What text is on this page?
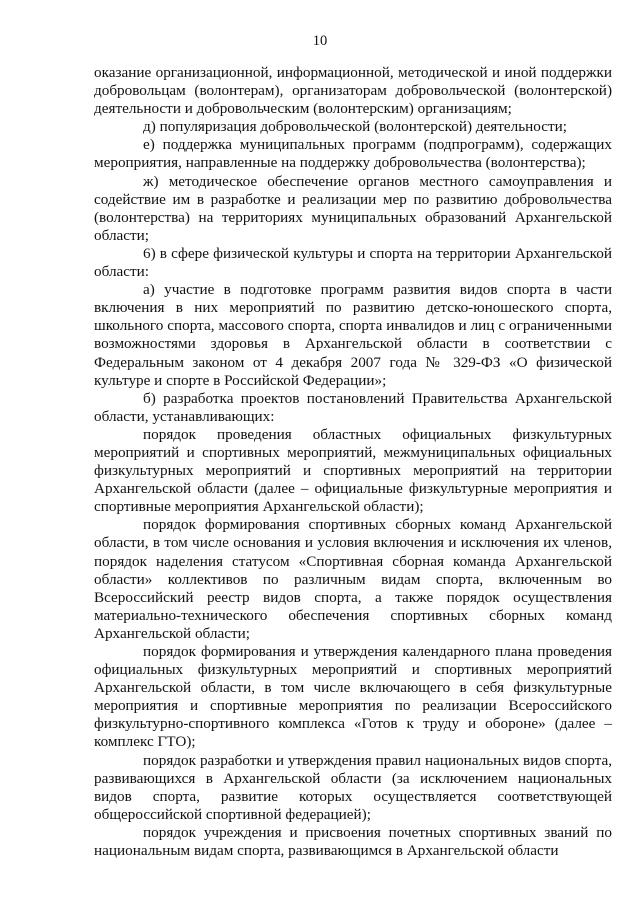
10

оказание организационной, информационной, методической и иной поддержки добровольцам (волонтерам), организаторам добровольческой (волонтерской) деятельности и добровольческим (волонтерским) организациям;

д) популяризация добровольческой (волонтерской) деятельности;

е) поддержка муниципальных программ (подпрограмм), содержащих мероприятия, направленные на поддержку добровольчества (волонтерства);

ж) методическое обеспечение органов местного самоуправления и содействие им в разработке и реализации мер по развитию добровольчества (волонтерства) на территориях муниципальных образований Архангельской области;

6) в сфере физической культуры и спорта на территории Архангельской области:

а) участие в подготовке программ развития видов спорта в части включения в них мероприятий по развитию детско-юношеского спорта, школьного спорта, массового спорта, спорта инвалидов и лиц с ограниченными возможностями здоровья в Архангельской области в соответствии с Федеральным законом от 4 декабря 2007 года № 329-ФЗ «О физической культуре и спорте в Российской Федерации»;

б) разработка проектов постановлений Правительства Архангельской области, устанавливающих:

порядок проведения областных официальных физкультурных мероприятий и спортивных мероприятий, межмуниципальных официальных физкультурных мероприятий и спортивных мероприятий на территории Архангельской области (далее – официальные физкультурные мероприятия и спортивные мероприятия Архангельской области);

порядок формирования спортивных сборных команд Архангельской области, в том числе основания и условия включения и исключения их членов, порядок наделения статусом «Спортивная сборная команда Архангельской области» коллективов по различным видам спорта, включенным во Всероссийский реестр видов спорта, а также порядок осуществления материально-технического обеспечения спортивных сборных команд Архангельской области;

порядок формирования и утверждения календарного плана проведения официальных физкультурных мероприятий и спортивных мероприятий Архангельской области, в том числе включающего в себя физкультурные мероприятия и спортивные мероприятия по реализации Всероссийского физкультурно-спортивного комплекса «Готов к труду и обороне» (далее – комплекс ГТО);

порядок разработки и утверждения правил национальных видов спорта, развивающихся в Архангельской области (за исключением национальных видов спорта, развитие которых осуществляется соответствующей общероссийской спортивной федерацией);

порядок учреждения и присвоения почетных спортивных званий по национальным видам спорта, развивающимся в Архангельской области
